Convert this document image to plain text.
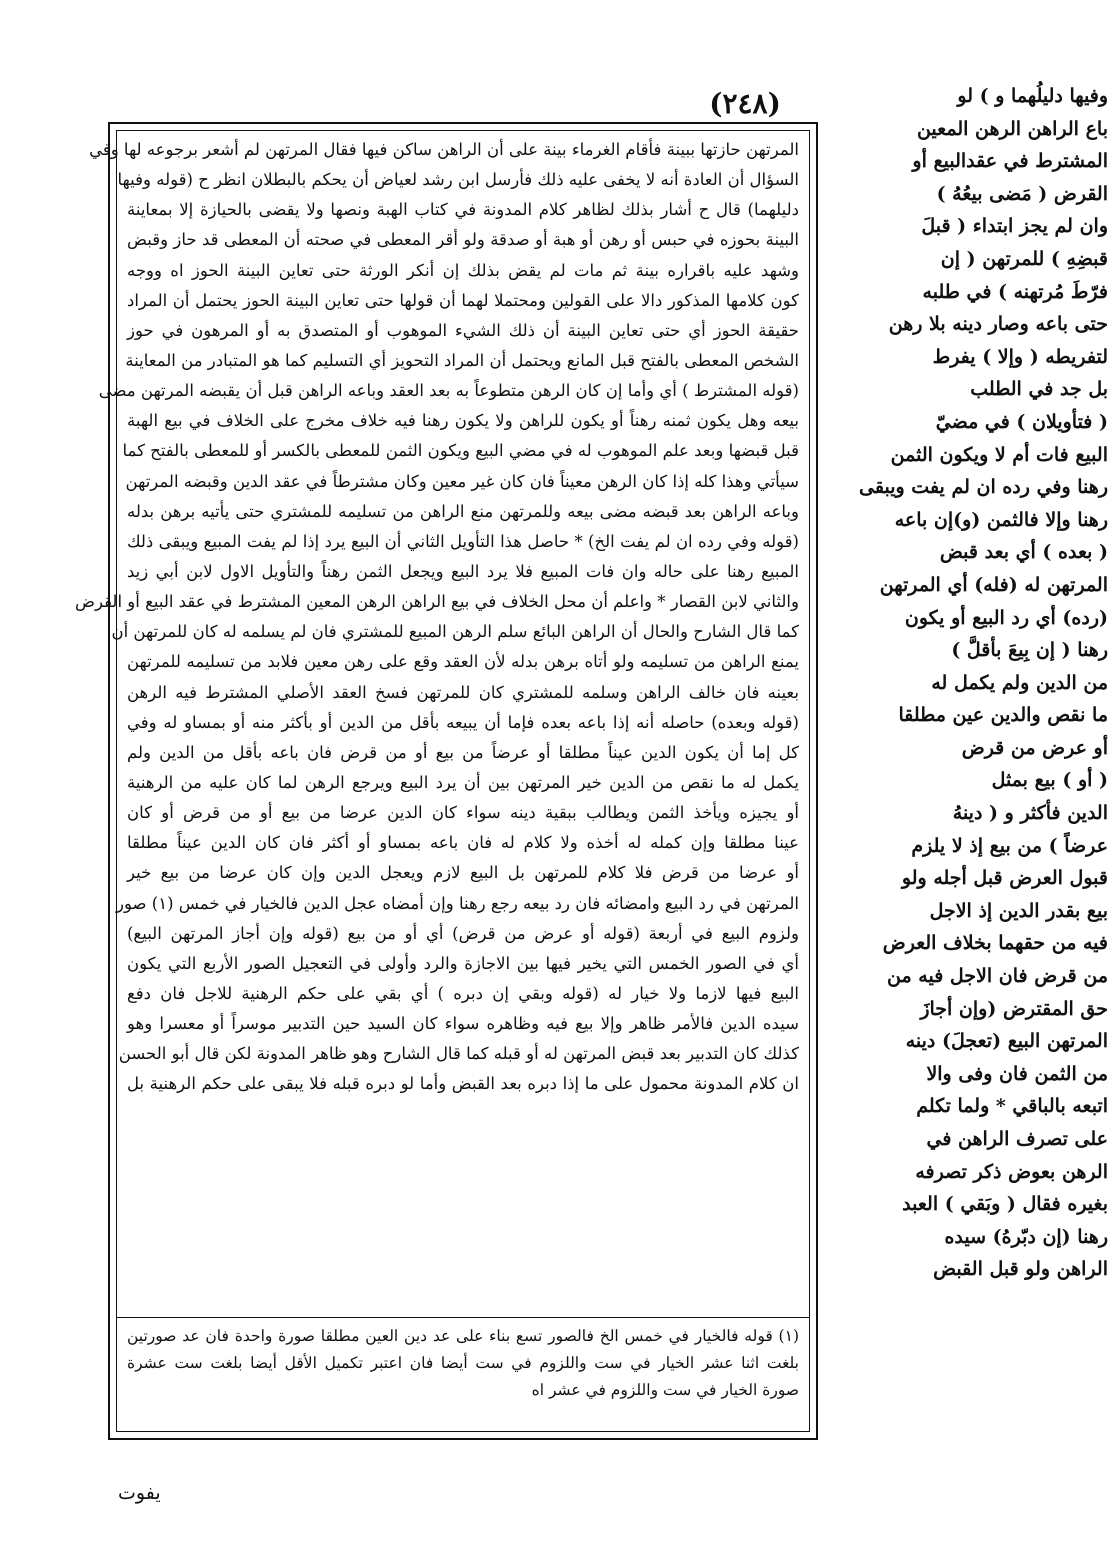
(٢٤٨)	وفيها دليلُهما و ) لو
باع الراهن الرهن المعين
المشترط في عقدالبيع أو
القرض ( مَضى بيعُهُ )
وان لم يجز ابتداء ( قبلَ
قبضِهِ ) للمرتهن ( إن
فرّطَ مُرتهنه ) في طلبه
حتى باعه وصار دينه بلا رهن
لتفريطه ( وإلا ) يفرط
بل جد في الطلب
( فتأويلان ) في مضيّ
البيع فات أم لا ويكون الثمن
رهنا وفي رده ان لم يفت ويبقى
رهنا وإلا فالثمن (و)إن باعه
( بعده ) أي بعد قبض
المرتهن له (فله) أي المرتهن
(رده) أي رد البيع أو يكون
رهنا ( إن بِيعَ بأقلَّ )
من الدين ولم يكمل له
ما نقص والدين عين مطلقا
أو عرض من قرض
( أو ) بيع بمثل
الدين فأكثر و ( دينهُ
عرضاً ) من بيع إذ لا يلزم
قبول العرض قبل أجله ولو
بيع بقدر الدين إذ الاجل
فيه من حقهما بخلاف العرض
من قرض فان الاجل فيه من
حق المقترض (وإن أجازَ
المرتهن البيع (تعجلَ) دينه
من الثمن فان وفى والا
اتبعه بالباقي * ولما تكلم
على تصرف الراهن في
الرهن بعوض ذكر تصرفه
بغيره فقال ( وبَقي ) العبد
رهنا (إن دبّرهُ) سيده
الراهن ولو قبل القبض
المرتهن حازتها ببينة فأقام الغرماء بينة على أن الراهن ساكن فيها فقال المرتهن لم أشعر برجوعه لها وفي
السؤال أن العادة أنه لا يخفى عليه ذلك فأرسل ابن رشد لعياض أن يحكم بالبطلان انظر ح (قوله وفيها
دليلهما) قال ح أشار بذلك لظاهر كلام المدونة في كتاب الهبة ونصها ولا يقضى بالحيازة إلا بمعاينة
البينة بحوزه في حبس أو رهن أو هبة أو صدقة ولو أقر المعطى في صحته أن المعطى قد حاز وقبض
وشهد عليه باقراره بينة ثم مات لم يقض بذلك إن أنكر الورثة حتى تعاين البينة الحوز اه ووجه
كون كلامها المذكور دالا على القولين ومحتملا لهما أن قولها حتى تعاين البينة الحوز يحتمل أن المراد
حقيقة الحوز أي حتى تعاين البينة أن ذلك الشيء الموهوب أو المتصدق به أو المرهون في حوز
الشخص المعطى بالفتح قبل المانع ويحتمل أن المراد التحويز أي التسليم كما هو المتبادر من المعاينة
(قوله المشترط ) أي وأما إن كان الرهن متطوعاً به بعد العقد وباعه الراهن قبل أن يقبضه المرتهن مضى
بيعه وهل يكون ثمنه رهناً أو يكون للراهن ولا يكون رهنا فيه خلاف مخرج على الخلاف في بيع الهبة
قبل قبضها وبعد علم الموهوب له في مضي البيع ويكون الثمن للمعطى بالكسر أو للمعطى بالفتح كما
سيأتي وهذا كله إذا كان الرهن معيناً فان كان غير معين وكان مشترطاً في عقد الدين وقبضه المرتهن
وباعه الراهن بعد قبضه مضى بيعه وللمرتهن منع الراهن من تسليمه للمشتري حتى يأتيه برهن بدله
(قوله وفي رده ان لم يفت الخ) * حاصل هذا التأويل الثاني أن البيع يرد إذا لم يفت المبيع ويبقى ذلك
المبيع رهنا على حاله وان فات المبيع فلا يرد البيع ويجعل الثمن رهناً والتأويل الاول لابن أبي زيد
والثاني لابن القصار * واعلم أن محل الخلاف في بيع الراهن الرهن المعين المشترط في عقد البيع أو القرض
كما قال الشارح والحال أن الراهن البائع سلم الرهن المبيع للمشتري فان لم يسلمه له كان للمرتهن أن
يمنع الراهن من تسليمه ولو أتاه برهن بدله لأن العقد وقع على رهن معين فلابد من تسليمه للمرتهن
بعينه فان خالف الراهن وسلمه للمشتري كان للمرتهن فسخ العقد الأصلي المشترط فيه الرهن
(قوله وبعده) حاصله أنه إذا باعه بعده فإما أن يبيعه بأقل من الدين أو بأكثر منه أو بمساو له وفي
كل إما أن يكون الدين عيناً مطلقا أو عرضاً من بيع أو من قرض فان باعه بأقل من الدين ولم
يكمل له ما نقص من الدين خير المرتهن بين أن يرد البيع ويرجع الرهن لما كان عليه من الرهنية
أو يجيزه ويأخذ الثمن ويطالب ببقية دينه سواء كان الدين عرضا من بيع أو من قرض أو كان
عينا مطلقا وإن كمله له أخذه ولا كلام له فان باعه بمساو أو أكثر فان كان الدين عيناً مطلقا
أو عرضا من قرض فلا كلام للمرتهن بل البيع لازم ويعجل الدين وإن كان عرضا من بيع خير
المرتهن في رد البيع وامضائه فان رد بيعه رجع رهنا وإن أمضاه عجل الدين فالخيار في خمس (١) صور
ولزوم البيع في أربعة (قوله أو عرض من قرض) أي أو من بيع (قوله وإن أجاز المرتهن البيع)
أي في الصور الخمس التي يخير فيها بين الاجازة والرد وأولى في التعجيل الصور الأربع التي يكون
البيع فيها لازما ولا خيار له (قوله وبقي إن دبره ) أي بقي على حكم الرهنية للاجل فان دفع
سيده الدين فالأمر ظاهر وإلا بيع فيه وظاهره سواء كان السيد حين التدبير موسراً أو معسرا وهو
كذلك كان التدبير بعد قبض المرتهن له أو قبله كما قال الشارح وهو ظاهر المدونة لكن قال أبو الحسن
ان كلام المدونة محمول على ما إذا دبره بعد القبض وأما لو دبره قبله فلا يبقى على حكم الرهنية بل
(١) قوله فالخيار في خمس الخ فالصور تسع بناء على عد دين العين مطلقا صورة واحدة فان عد صورتين
بلغت اثنا عشر الخيار في ست واللزوم في ست أيضا فان اعتبر تكميل الأقل أيضا بلغت ست عشرة
صورة الخيار في ست واللزوم في عشر اه
يفوت
